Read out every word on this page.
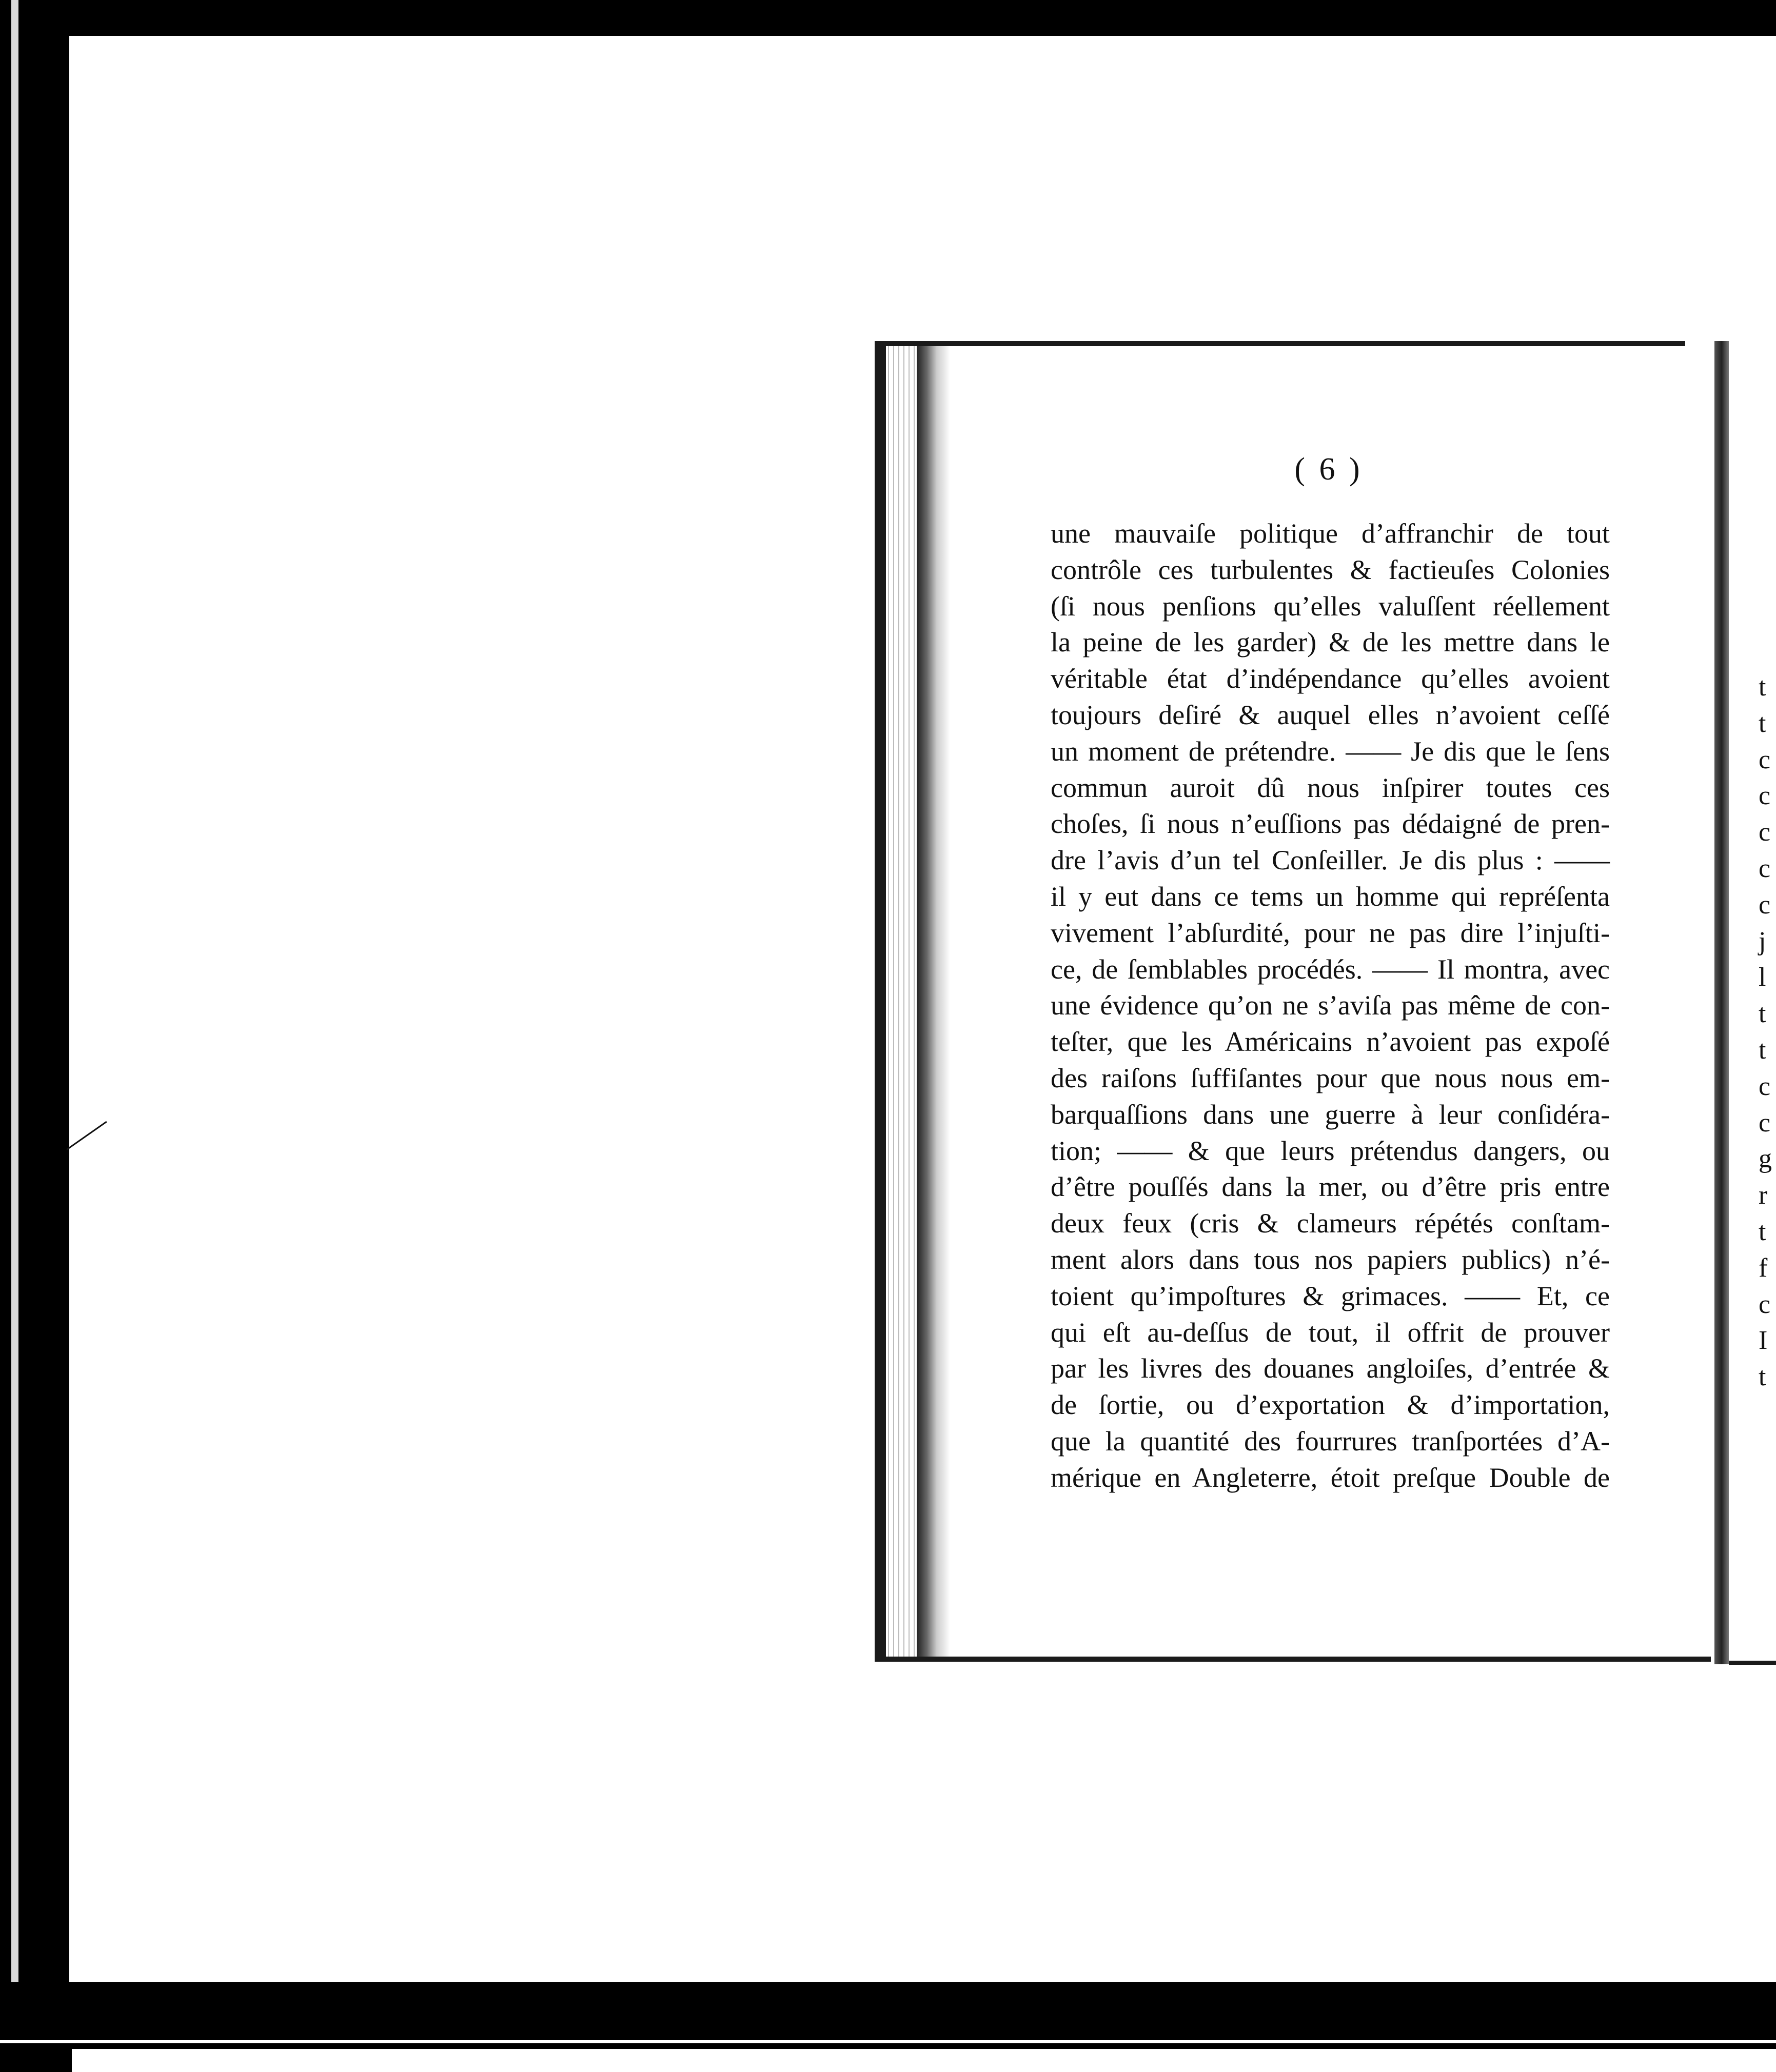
( 6 )
une mauvaiſe politique d’affranchir de tout
contrôle ces turbulentes & factieuſes Colonies
(ſi nous penſions qu’elles valuſſent réellement
la peine de les garder) & de les mettre dans le
véritable état d’indépendance qu’elles avoient
toujours deſiré & auquel elles n’avoient ceſſé
un moment de prétendre. —— Je dis que le ſens
commun auroit dû nous inſpirer toutes ces
choſes, ſi nous n’euſſions pas dédaigné de pren-
dre l’avis d’un tel Conſeiller. Je dis plus : ——
il y eut dans ce tems un homme qui repréſenta
vivement l’abſurdité, pour ne pas dire l’injuſti-
ce, de ſemblables procédés. —— Il montra, avec
une évidence qu’on ne s’aviſa pas même de con-
teſter, que les Américains n’avoient pas expoſé
des raiſons ſuffiſantes pour que nous nous em-
barquaſſions dans une guerre à leur conſidéra-
tion; —— & que leurs prétendus dangers, ou
d’être pouſſés dans la mer, ou d’être pris entre
deux feux (cris & clameurs répétés conſtam-
ment alors dans tous nos papiers publics) n’é-
toient qu’impoſtures & grimaces. —— Et, ce
qui eſt au-deſſus de tout, il offrit de prouver
par les livres des douanes angloiſes, d’entrée &
de ſortie, ou d’exportation & d’importation,
que la quantité des fourrures tranſportées d’A-
mérique en Angleterre, étoit preſque Double de
t
t
c
c
c
c
c
j
l
t
t
c
c
g
r
t
f
c
I
t
